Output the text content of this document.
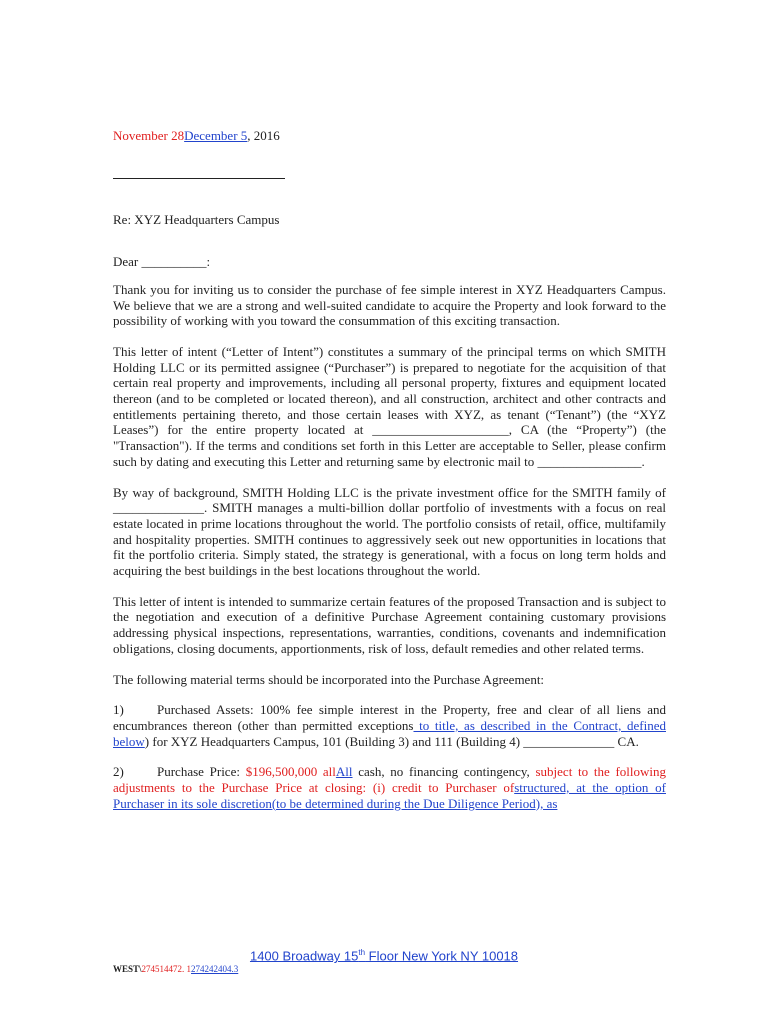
November 28December 5, 2016

Re: XYZ Headquarters Campus

Dear __________:

Thank you for inviting us to consider the purchase of fee simple interest in XYZ Headquarters Campus. We believe that we are a strong and well-suited candidate to acquire the Property and look forward to the possibility of working with you toward the consummation of this exciting transaction.

This letter of intent (“Letter of Intent”) constitutes a summary of the principal terms on which SMITH Holding LLC or its permitted assignee (“Purchaser”) is prepared to negotiate for the acquisition of that certain real property and improvements, including all personal property, fixtures and equipment located thereon (and to be completed or located thereon), and all construction, architect and other contracts and entitlements pertaining thereto, and those certain leases with XYZ, as tenant (“Tenant”) (the “XYZ Leases”) for the entire property located at _____________________, CA (the “Property”) (the "Transaction"). If the terms and conditions set forth in this Letter are acceptable to Seller, please confirm such by dating and executing this Letter and returning same by electronic mail to ________________.

By way of background, SMITH Holding LLC is the private investment office for the SMITH family of ______________. SMITH manages a multi-billion dollar portfolio of investments with a focus on real estate located in prime locations throughout the world. The portfolio consists of retail, office, multifamily and hospitality properties. SMITH continues to aggressively seek out new opportunities in locations that fit the portfolio criteria. Simply stated, the strategy is generational, with a focus on long term holds and acquiring the best buildings in the best locations throughout the world.

This letter of intent is intended to summarize certain features of the proposed Transaction and is subject to the negotiation and execution of a definitive Purchase Agreement containing customary provisions addressing physical inspections, representations, warranties, conditions, covenants and indemnification obligations, closing documents, apportionments, risk of loss, default remedies and other related terms.

The following material terms should be incorporated into the Purchase Agreement:

1)	Purchased Assets: 100% fee simple interest in the Property, free and clear of all liens and encumbrances thereon (other than permitted exceptions to title, as described in the Contract, defined below) for XYZ Headquarters Campus, 101 (Building 3) and 111 (Building 4) ______________ CA.

2)	Purchase Price: $196,500,000 allAll cash, no financing contingency, subject to the following adjustments to the Purchase Price at closing: (i) credit to Purchaser ofstructured, at the option of Purchaser in its sole discretion(to be determined during the Due Diligence Period), as

1400 Broadway 15th Floor New York NY 10018
WEST\274514472. 1274242404.3
